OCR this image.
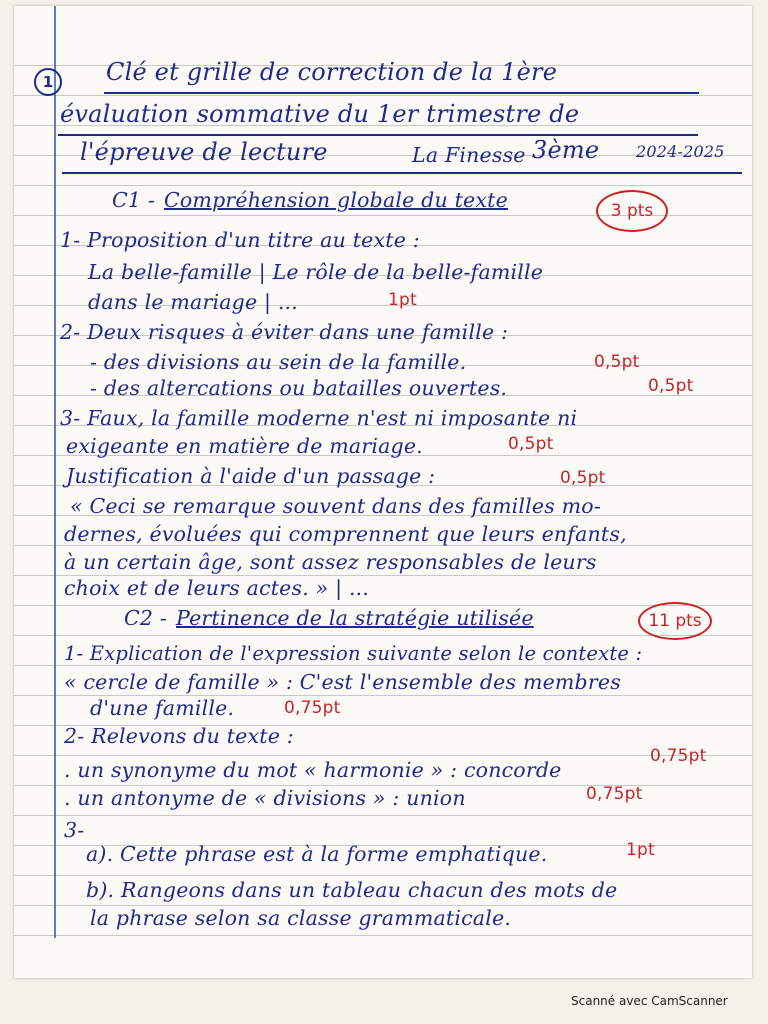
1	Clé et grille de correction de la 1ère
évaluation sommative du 1er trimestre de
l'épreuve de lecture	La Finesse 3ème 2024-2025
C1 - Compréhension globale du texte	3 pts
1- Proposition d'un titre au texte :
La belle-famille | Le rôle de la belle-famille
dans le mariage | ...	1pt
2- Deux risques à éviter dans une famille :
- des divisions au sein de la famille.	0,5pt
- des altercations ou batailles ouvertes.	0,5pt
3- Faux, la famille moderne n'est ni imposante ni
exigeante en matière de mariage.	0,5pt
Justification à l'aide d'un passage :	0,5pt
« Ceci se remarque souvent dans des familles mo-
dernes, évoluées qui comprennent que leurs enfants,
à un certain âge, sont assez responsables de leurs
choix et de leurs actes. » | ...
C2 - Pertinence de la stratégie utilisée	11 pts
1- Explication de l'expression suivante selon le contexte :
« cercle de famille » : C'est l'ensemble des membres
d'une famille.	0,75pt
2- Relevons du texte :
. un synonyme du mot « harmonie » : concorde
0,75pt
. un antonyme de « divisions » : union	0,75pt
3-
a). Cette phrase est à la forme emphatique.	1pt
b). Rangeons dans un tableau chacun des mots de
la phrase selon sa classe grammaticale.
Scanné avec CamScanner
